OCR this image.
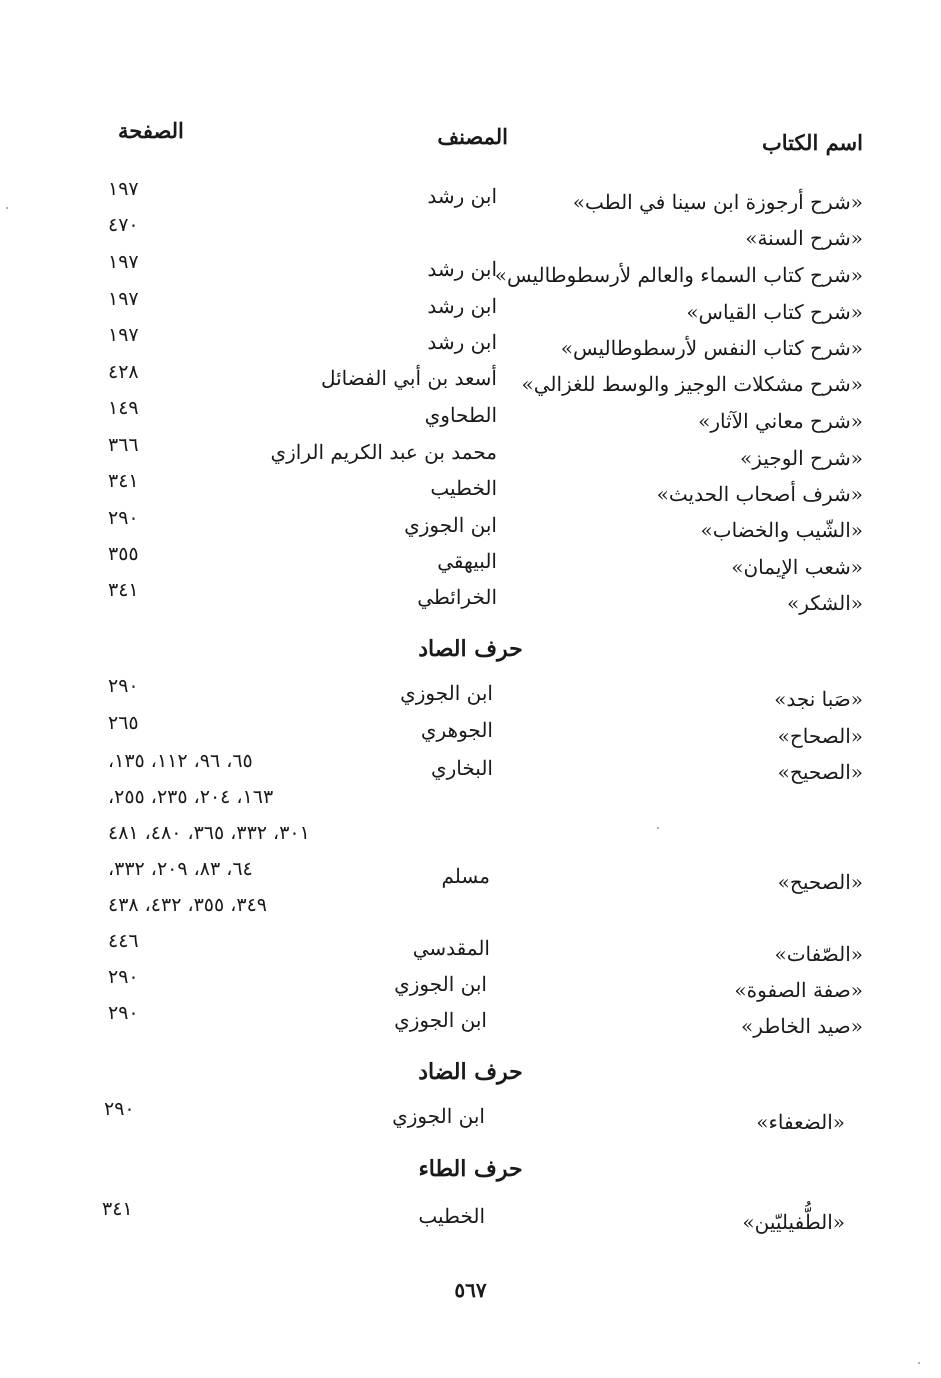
اسم الكتاب
المصنف
الصفحة
«شرح أرجوزة ابن سينا في الطب»
ابن رشد
١٩٧
«شرح السنة»
٤٧٠
«شرح كتاب السماء والعالم لأرسطوطاليس»
ابن رشد
١٩٧
«شرح كتاب القياس»
ابن رشد
١٩٧
«شرح كتاب النفس لأرسطوطاليس»
ابن رشد
١٩٧
«شرح مشكلات الوجيز والوسط للغزالي»
أسعد بن أبي الفضائل
٤٢٨
«شرح معاني الآثار»
الطحاوي
١٤٩
«شرح الوجيز»
محمد بن عبد الكريم الرازي
٣٦٦
«شرف أصحاب الحديث»
الخطيب
٣٤١
«الشّيب والخضاب»
ابن الجوزي
٢٩٠
«شعب الإيمان»
البيهقي
٣٥٥
«الشكر»
الخرائطي
٣٤١
حرف الصاد
«صَبا نجد»
ابن الجوزي
٢٩٠
«الصحاح»
الجوهري
٢٦٥
«الصحيح»
البخاري
٦٥، ٩٦، ١١٢، ١٣٥،
١٦٣، ٢٠٤، ٢٣٥، ٢٥٥،
٣٠١، ٣٣٢، ٣٦٥، ٤٨٠، ٤٨١
«الصحيح»
مسلم
٦٤، ٨٣، ٢٠٩، ٣٣٢،
٣٤٩، ٣٥٥، ٤٣٢، ٤٣٨
«الصّفات»
المقدسي
٤٤٦
«صفة الصفوة»
ابن الجوزي
٢٩٠
«صيد الخاطر»
ابن الجوزي
٢٩٠
حرف الضاد
«الضعفاء»
ابن الجوزي
٢٩٠
حرف الطاء
«الطُّفيليّين»
الخطيب
٣٤١
٥٦٧
